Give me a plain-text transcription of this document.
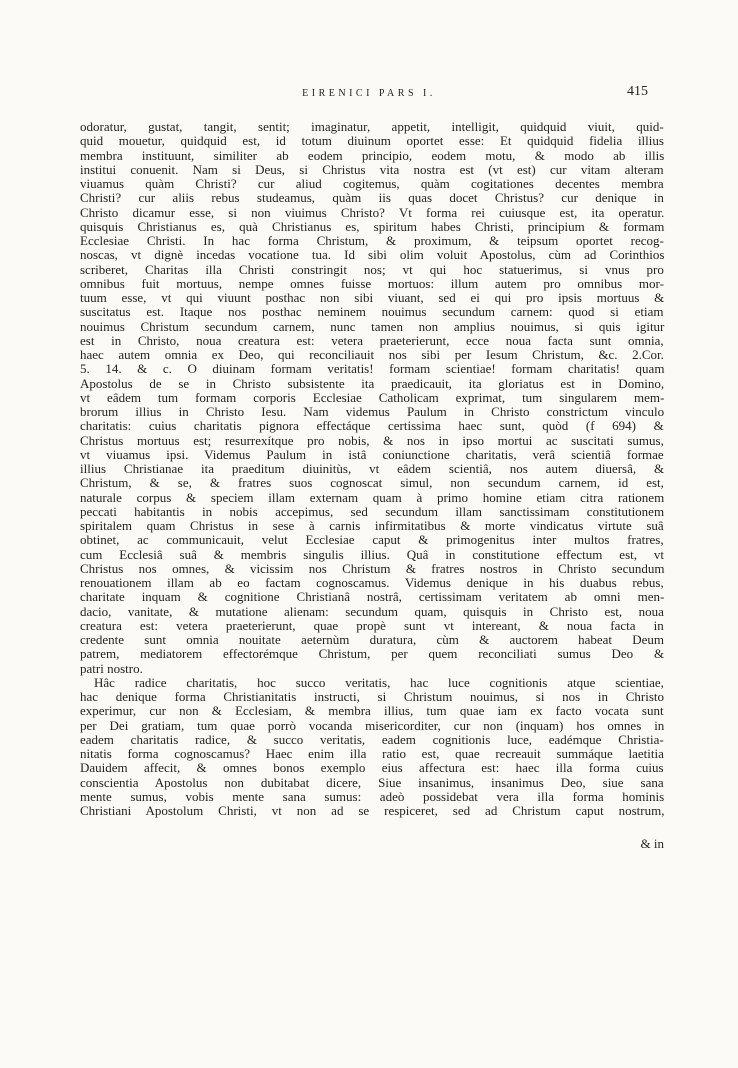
EIRENICI PARS I.	415
odoratur, gustat, tangit, sentit; imaginatur, appetit, intelligit, quidquid viuit, quid-
quid mouetur, quidquid est, id totum diuinum oportet esse: Et quidquid fidelia illius
membra instituunt, similiter ab eodem principio, eodem motu, & modo ab illis
institui conuenit. Nam si Deus, si Christus vita nostra est (vt est) cur vitam alteram
viuamus quàm Christi? cur aliud cogitemus, quàm cogitationes decentes membra
Christi? cur aliis rebus studeamus, quàm iis quas docet Christus? cur denique in
Christo dicamur esse, si non viuimus Christo? Vt forma rei cuiusque est, ita operatur.
quisquis Christianus es, quà Christianus es, spiritum habes Christi, principium & formam
Ecclesiae Christi. In hac forma Christum, & proximum, & teipsum oportet recog-
noscas, vt dignè incedas vocatione tua. Id sibi olim voluit Apostolus, cùm ad Corinthios
scriberet, Charitas illa Christi constringit nos; vt qui hoc statuerimus, si vnus pro
omnibus fuit mortuus, nempe omnes fuisse mortuos: illum autem pro omnibus mor-
tuum esse, vt qui viuunt posthac non sibi viuant, sed ei qui pro ipsis mortuus &
suscitatus est. Itaque nos posthac neminem nouimus secundum carnem: quod si etiam
nouimus Christum secundum carnem, nunc tamen non amplius nouimus, si quis igitur
est in Christo, noua creatura est: vetera praeterierunt, ecce noua facta sunt omnia,
haec autem omnia ex Deo, qui reconciliauit nos sibi per Iesum Christum, &c. 2.Cor.
5. 14. & c. O diuinam formam veritatis! formam scientiae! formam charitatis! quam
Apostolus de se in Christo subsistente ita praedicauit, ita gloriatus est in Domino,
vt eâdem tum formam corporis Ecclesiae Catholicam exprimat, tum singularem mem-
brorum illius in Christo Iesu. Nam videmus Paulum in Christo constrictum vinculo
charitatis: cuius charitatis pignora effectáque certissima haec sunt, quòd (f 694) &
Christus mortuus est; resurrexítque pro nobis, & nos in ipso mortui ac suscitati sumus,
vt viuamus ipsi. Videmus Paulum in istâ coniunctione charitatis, verâ scientiâ formae
illius Christianae ita praeditum diuinitùs, vt eâdem scientiâ, nos autem diuersâ, &
Christum, & se, & fratres suos cognoscat simul, non secundum carnem, id est,
naturale corpus & speciem illam externam quam à primo homine etiam citra rationem
peccati habitantis in nobis accepimus, sed secundum illam sanctissimam constitutionem
spiritalem quam Christus in sese à carnis infirmitatibus & morte vindicatus virtute suâ
obtinet, ac communicauit, velut Ecclesiae caput & primogenitus inter multos fratres,
cum Ecclesiâ suâ & membris singulis illius. Quâ in constitutione effectum est, vt
Christus nos omnes, & vicissim nos Christum & fratres nostros in Christo secundum
renouationem illam ab eo factam cognoscamus. Videmus denique in his duabus rebus,
charitate inquam & cognitione Christianâ nostrâ, certissimam veritatem ab omni men-
dacio, vanitate, & mutatione alienam: secundum quam, quisquis in Christo est, noua
creatura est: vetera praeterierunt, quae propè sunt vt intereant, & noua facta in
credente sunt omnia nouitate aeternùm duratura, cùm & auctorem habeat Deum
patrem, mediatorem effectorémque Christum, per quem reconciliati sumus Deo &
patri nostro.
Hâc radice charitatis, hoc succo veritatis, hac luce cognitionis atque scientiae,
hac denique forma Christianitatis instructi, si Christum nouimus, si nos in Christo
experimur, cur non & Ecclesiam, & membra illius, tum quae iam ex facto vocata sunt
per Dei gratiam, tum quae porrò vocanda misericorditer, cur non (inquam) hos omnes in
eadem charitatis radice, & succo veritatis, eadem cognitionis luce, eadémque Christia-
nitatis forma cognoscamus? Haec enim illa ratio est, quae recreauit summáque laetitia
Dauidem affecit, & omnes bonos exemplo eius affectura est: haec illa forma cuius
conscientia Apostolus non dubitabat dicere, Siue insanimus, insanimus Deo, siue sana
mente sumus, vobis mente sana sumus: adeò possidebat vera illa forma hominis
Christiani Apostolum Christi, vt non ad se respiceret, sed ad Christum caput nostrum,
& in
